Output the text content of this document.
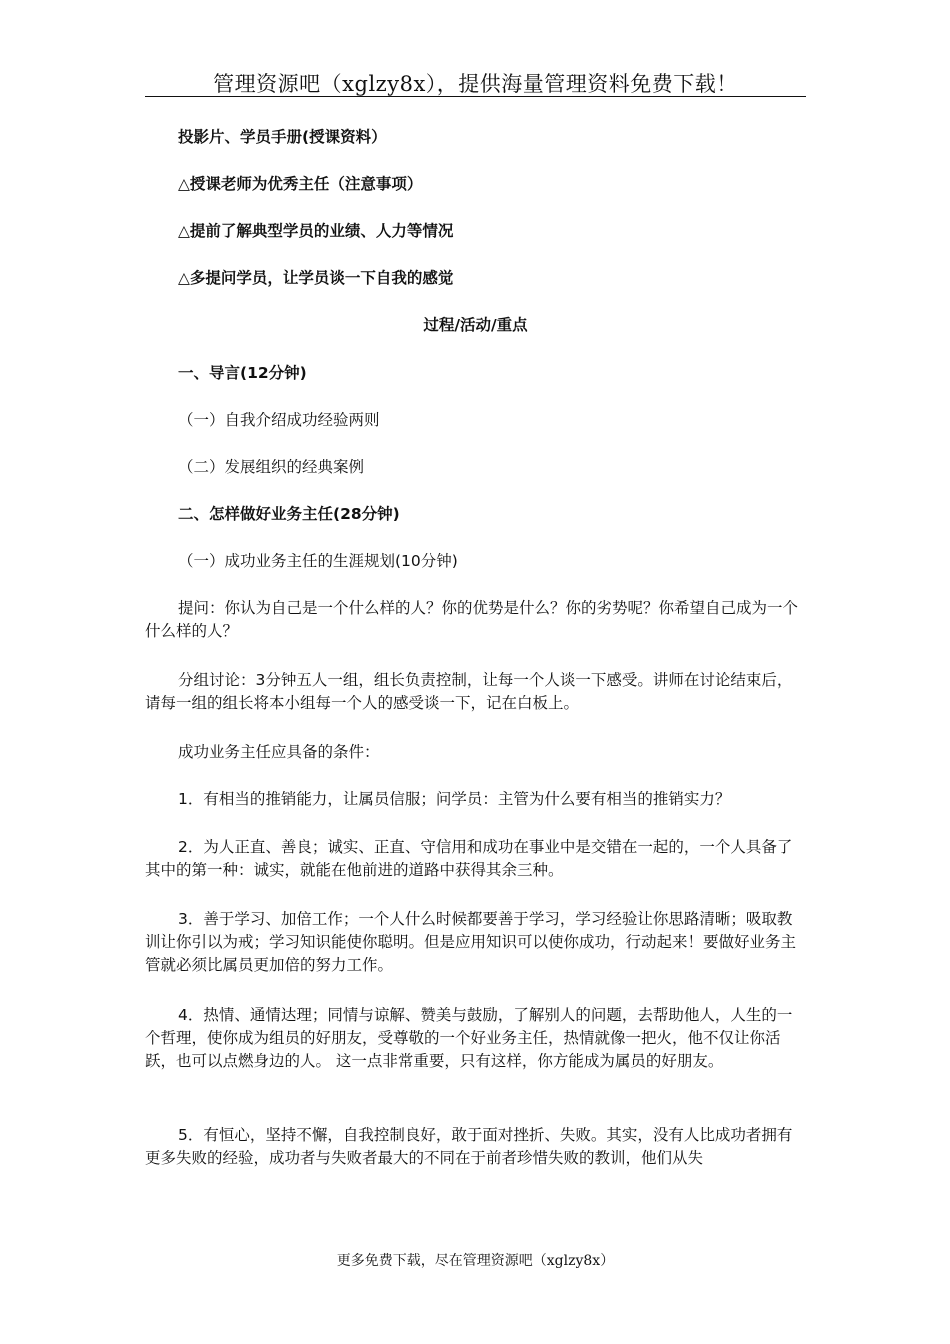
管理资源吧（xglzy8x），提供海量管理资料免费下载！

投影片、学员手册(授课资料）

△授课老师为优秀主任（注意事项）

△提前了解典型学员的业绩、人力等情况

△多提问学员，让学员谈一下自我的感觉

过程/活动/重点

一、导言(12分钟)

（一）自我介绍成功经验两则

（二）发展组织的经典案例

二、怎样做好业务主任(28分钟)

（一）成功业务主任的生涯规划(10分钟)

提问：你认为自己是一个什么样的人？你的优势是什么？你的劣势呢？你希望自己成为一个什么样的人？

分组讨论：3分钟五人一组，组长负责控制，让每一个人谈一下感受。讲师在讨论结束后，请每一组的组长将本小组每一个人的感受谈一下，记在白板上。

成功业务主任应具备的条件：

1．有相当的推销能力，让属员信服；问学员：主管为什么要有相当的推销实力？

2．为人正直、善良；诚实、正直、守信用和成功在事业中是交错在一起的，一个人具备了其中的第一种：诚实，就能在他前进的道路中获得其余三种。

3．善于学习、加倍工作；一个人什么时候都要善于学习，学习经验让你思路清晰；吸取教训让你引以为戒；学习知识能使你聪明。但是应用知识可以使你成功，行动起来！要做好业务主管就必须比属员更加倍的努力工作。

4．热情、通情达理；同情与谅解、赞美与鼓励，了解别人的问题，去帮助他人，人生的一个哲理，使你成为组员的好朋友，受尊敬的一个好业务主任，热情就像一把火，他不仅让你活跃，也可以点燃身边的人。 这一点非常重要，只有这样，你方能成为属员的好朋友。

5．有恒心，坚持不懈，自我控制良好，敢于面对挫折、失败。其实，没有人比成功者拥有更多失败的经验，成功者与失败者最大的不同在于前者珍惜失败的教训，他们从失

更多免费下载，尽在管理资源吧（xglzy8x）
